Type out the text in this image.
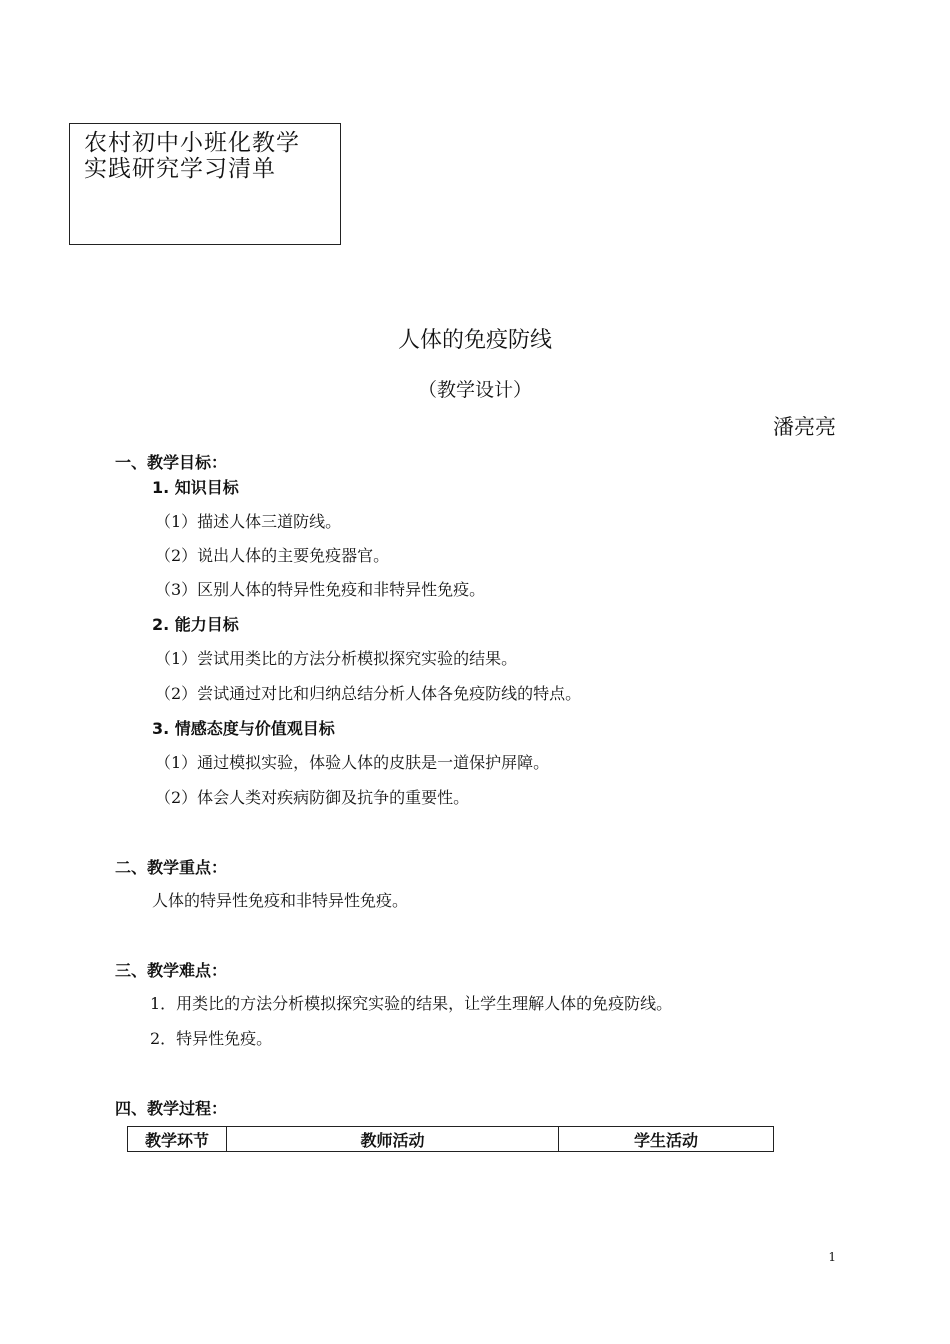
农村初中小班化教学
实践研究学习清单
人体的免疫防线
（教学设计）
潘亮亮
一、教学目标：
1. 知识目标
（1）描述人体三道防线。
（2）说出人体的主要免疫器官。
（3）区别人体的特异性免疫和非特异性免疫。
2. 能力目标
（1）尝试用类比的方法分析模拟探究实验的结果。
（2）尝试通过对比和归纳总结分析人体各免疫防线的特点。
3. 情感态度与价值观目标
（1）通过模拟实验，体验人体的皮肤是一道保护屏障。
（2）体会人类对疾病防御及抗争的重要性。
二、教学重点：
人体的特异性免疫和非特异性免疫。
三、教学难点：
1．用类比的方法分析模拟探究实验的结果，让学生理解人体的免疫防线。
2．特异性免疫。
四、教学过程：
教学环节	教师活动	学生活动
1
